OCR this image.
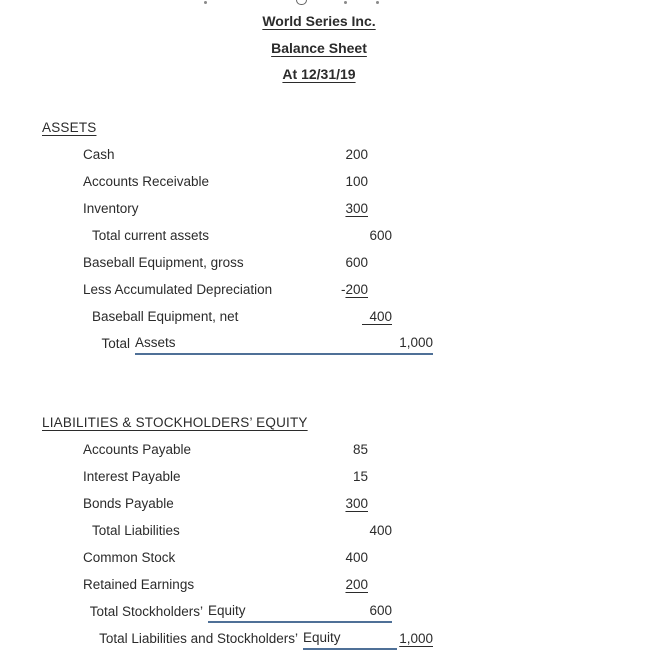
World Series Inc.
Balance Sheet
At 12/31/19
ASSETS
Cash	200
Accounts Receivable	100
Inventory	300
Total current assets	600
Baseball Equipment, gross	600
Less Accumulated Depreciation	-200
Baseball Equipment, net	400
Total Assets	1,000
LIABILITIES & STOCKHOLDERS’ EQUITY
Accounts Payable	85
Interest Payable	15
Bonds Payable	300
Total Liabilities	400
Common Stock	400
Retained Earnings	200
Total Stockholders’ Equity	600
Total Liabilities and Stockholders’ Equity	1,000
